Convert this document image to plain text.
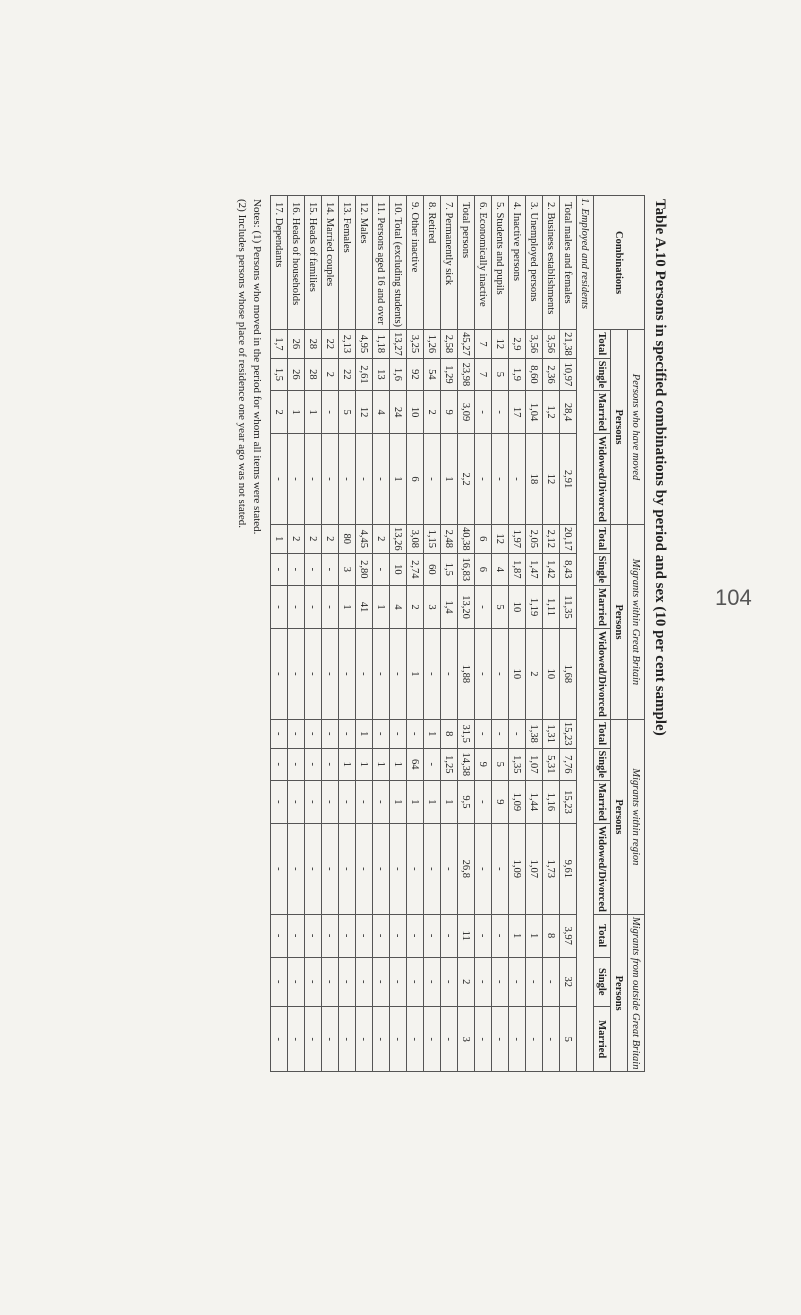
104
Table A.10 Persons in specified combinations by period and sex (10 per cent sample)
Combinations	Persons who have moved				Migrants within Great Britain				Migrants within region				Migrants from outside Great Britain		
	Persons				Persons				Persons				Persons		
	Total	Single	Married	Widowed/Divorced	Total	Single	Married	Widowed/Divorced	Total	Single	Married	Widowed/Divorced	Total	Single	Married
1. Employed and residents															
Total males and females	21,38	10,97	28,4	2,91	20,17	8,43	11,35	1,68	15,23	7,76	15,23	9,61	3,97	32	5
2. Business establishments	3,56	2,36	1,2	12	2,12	1,42	1,11	10	1,31	5,31	1,16	1,73	8	-	-
3. Unemployed persons	3,56	8,60	1,04	18	2,05	1,47	1,19	2	1,38	1,07	1,44	1,07	1	-	-
4. Inactive persons	2,9	1,9	17	-	1,97	1,87	10	10	-	1,35	1,09	1,09	1	-	-
5. Students and pupils	12	5	-	-	12	4	5	-	-	5	9	-	-	-	-
6. Economically inactive	7	7	-	-	6	6	-	-	-	9	-	-	-	-	-
Total persons	45,27	23,98	3,09	2,2	40,38	16,83	13,20	1,88	31,5	14,38	9,5	26,8	11	2	3
7. Permanently sick	2,58	1,29	9	1	2,48	1,5	1,4	-	8	1,25	1	-	-	-	-
8. Retired	1,26	54	2	-	1,15	60	3	-	1	-	1	-	-	-	-
9. Other inactive	3,25	92	10	6	3,08	2,74	2	1	-	64	1	-	-	-	-
10. Total (excluding students)	13,27	1,6	24	1	13,26	10	4	-	-	1	1	-	-	-	-
11. Persons aged 16 and over	1,18	13	4	-	2	-	1	-	-	1	-	-	-	-	-
12. Males	4,95	2,61	12	-	4,45	2,80	41	-	1	1	-	-	-	-	-
13. Females	2,13	22	5	-	80	3	1	-	-	1	-	-	-	-	-
14. Married couples	22	2	-	-	2	-	-	-	-	-	-	-	-	-	-
15. Heads of families	28	28	1	-	2	-	-	-	-	-	-	-	-	-	-
16. Heads of households	26	26	1	-	2	-	-	-	-	-	-	-	-	-	-
17. Dependants	1,7	1,5	2	-	1	-	-	-	-	-	-	-	-	-	-
Notes: (1) Persons who moved in the period for whom all items were stated.
(2) Includes persons whose place of residence one year ago was not stated.
